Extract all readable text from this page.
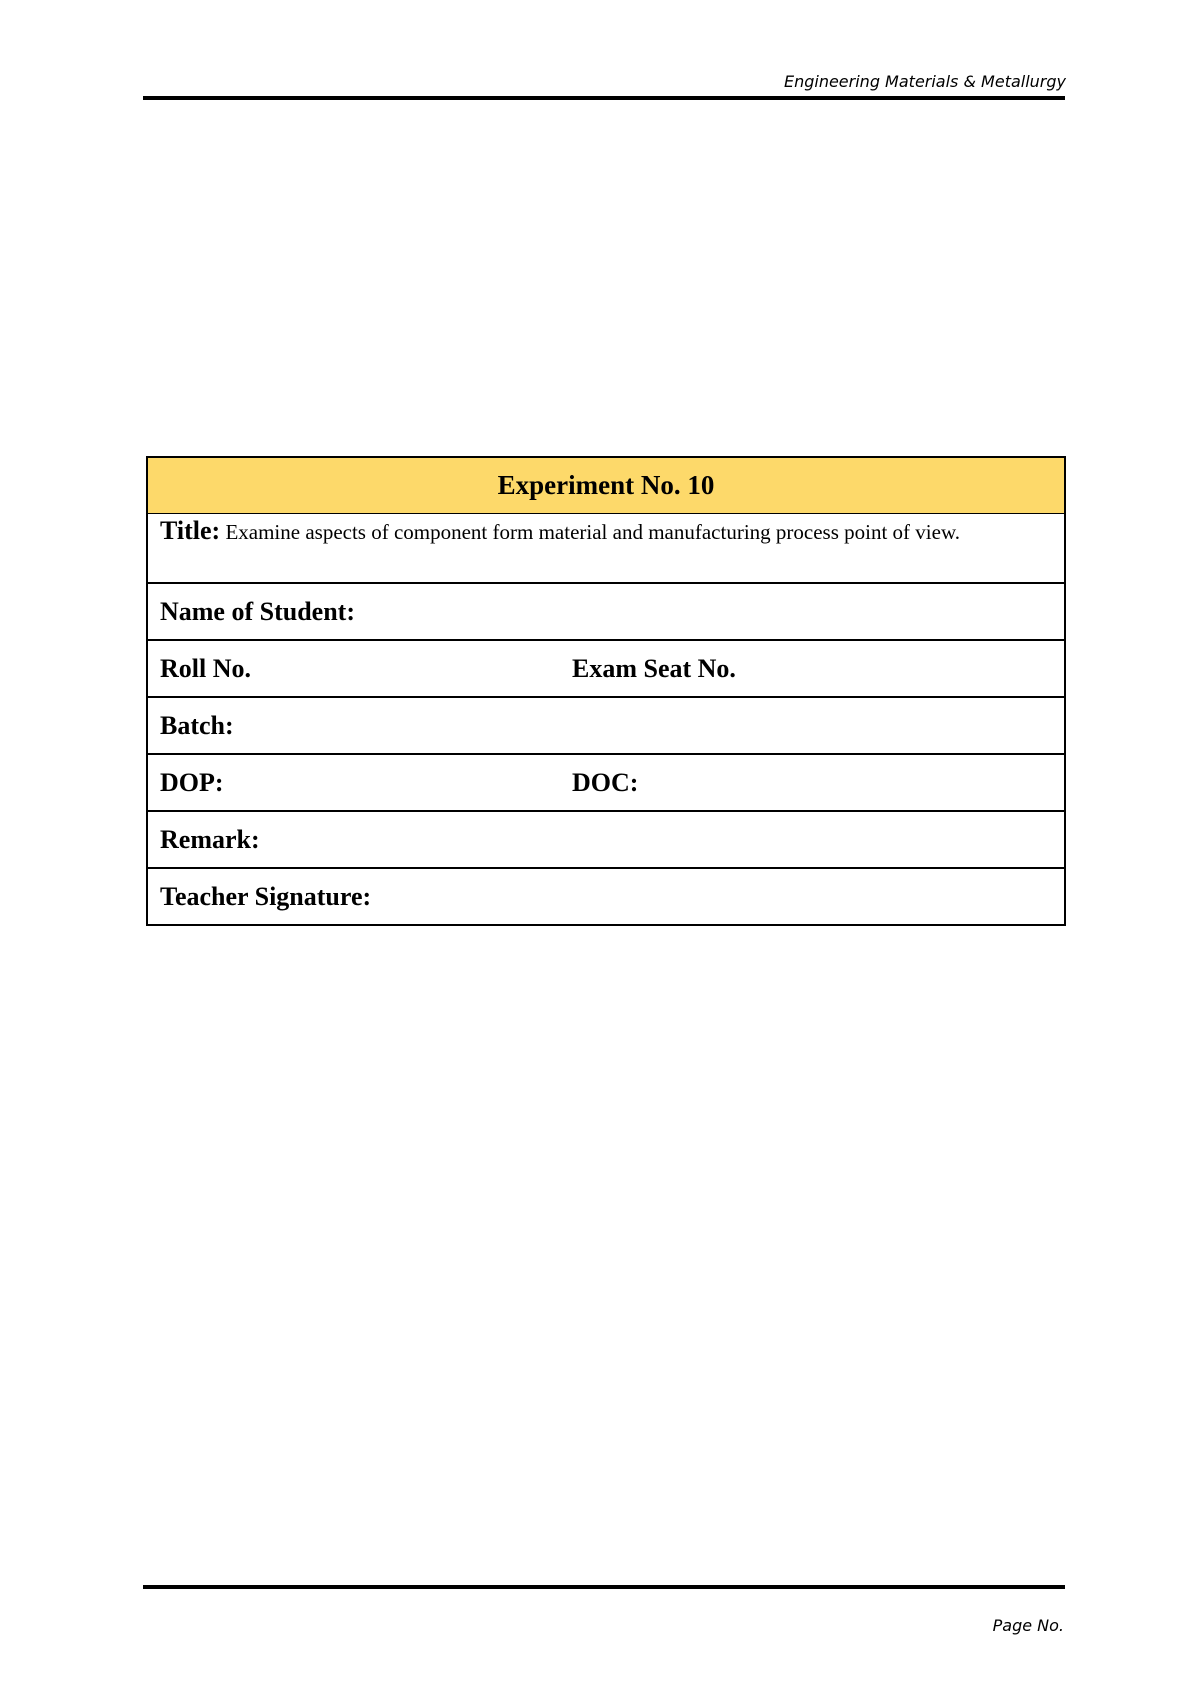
Engineering Materials & Metallurgy
Experiment No. 10	
Title: Examine aspects of component form material and manufacturing process point of view.	
Name of Student:	
Roll No.	Exam Seat No.
Batch:	
DOP:	DOC:
Remark:	
Teacher Signature:	
Page No.
